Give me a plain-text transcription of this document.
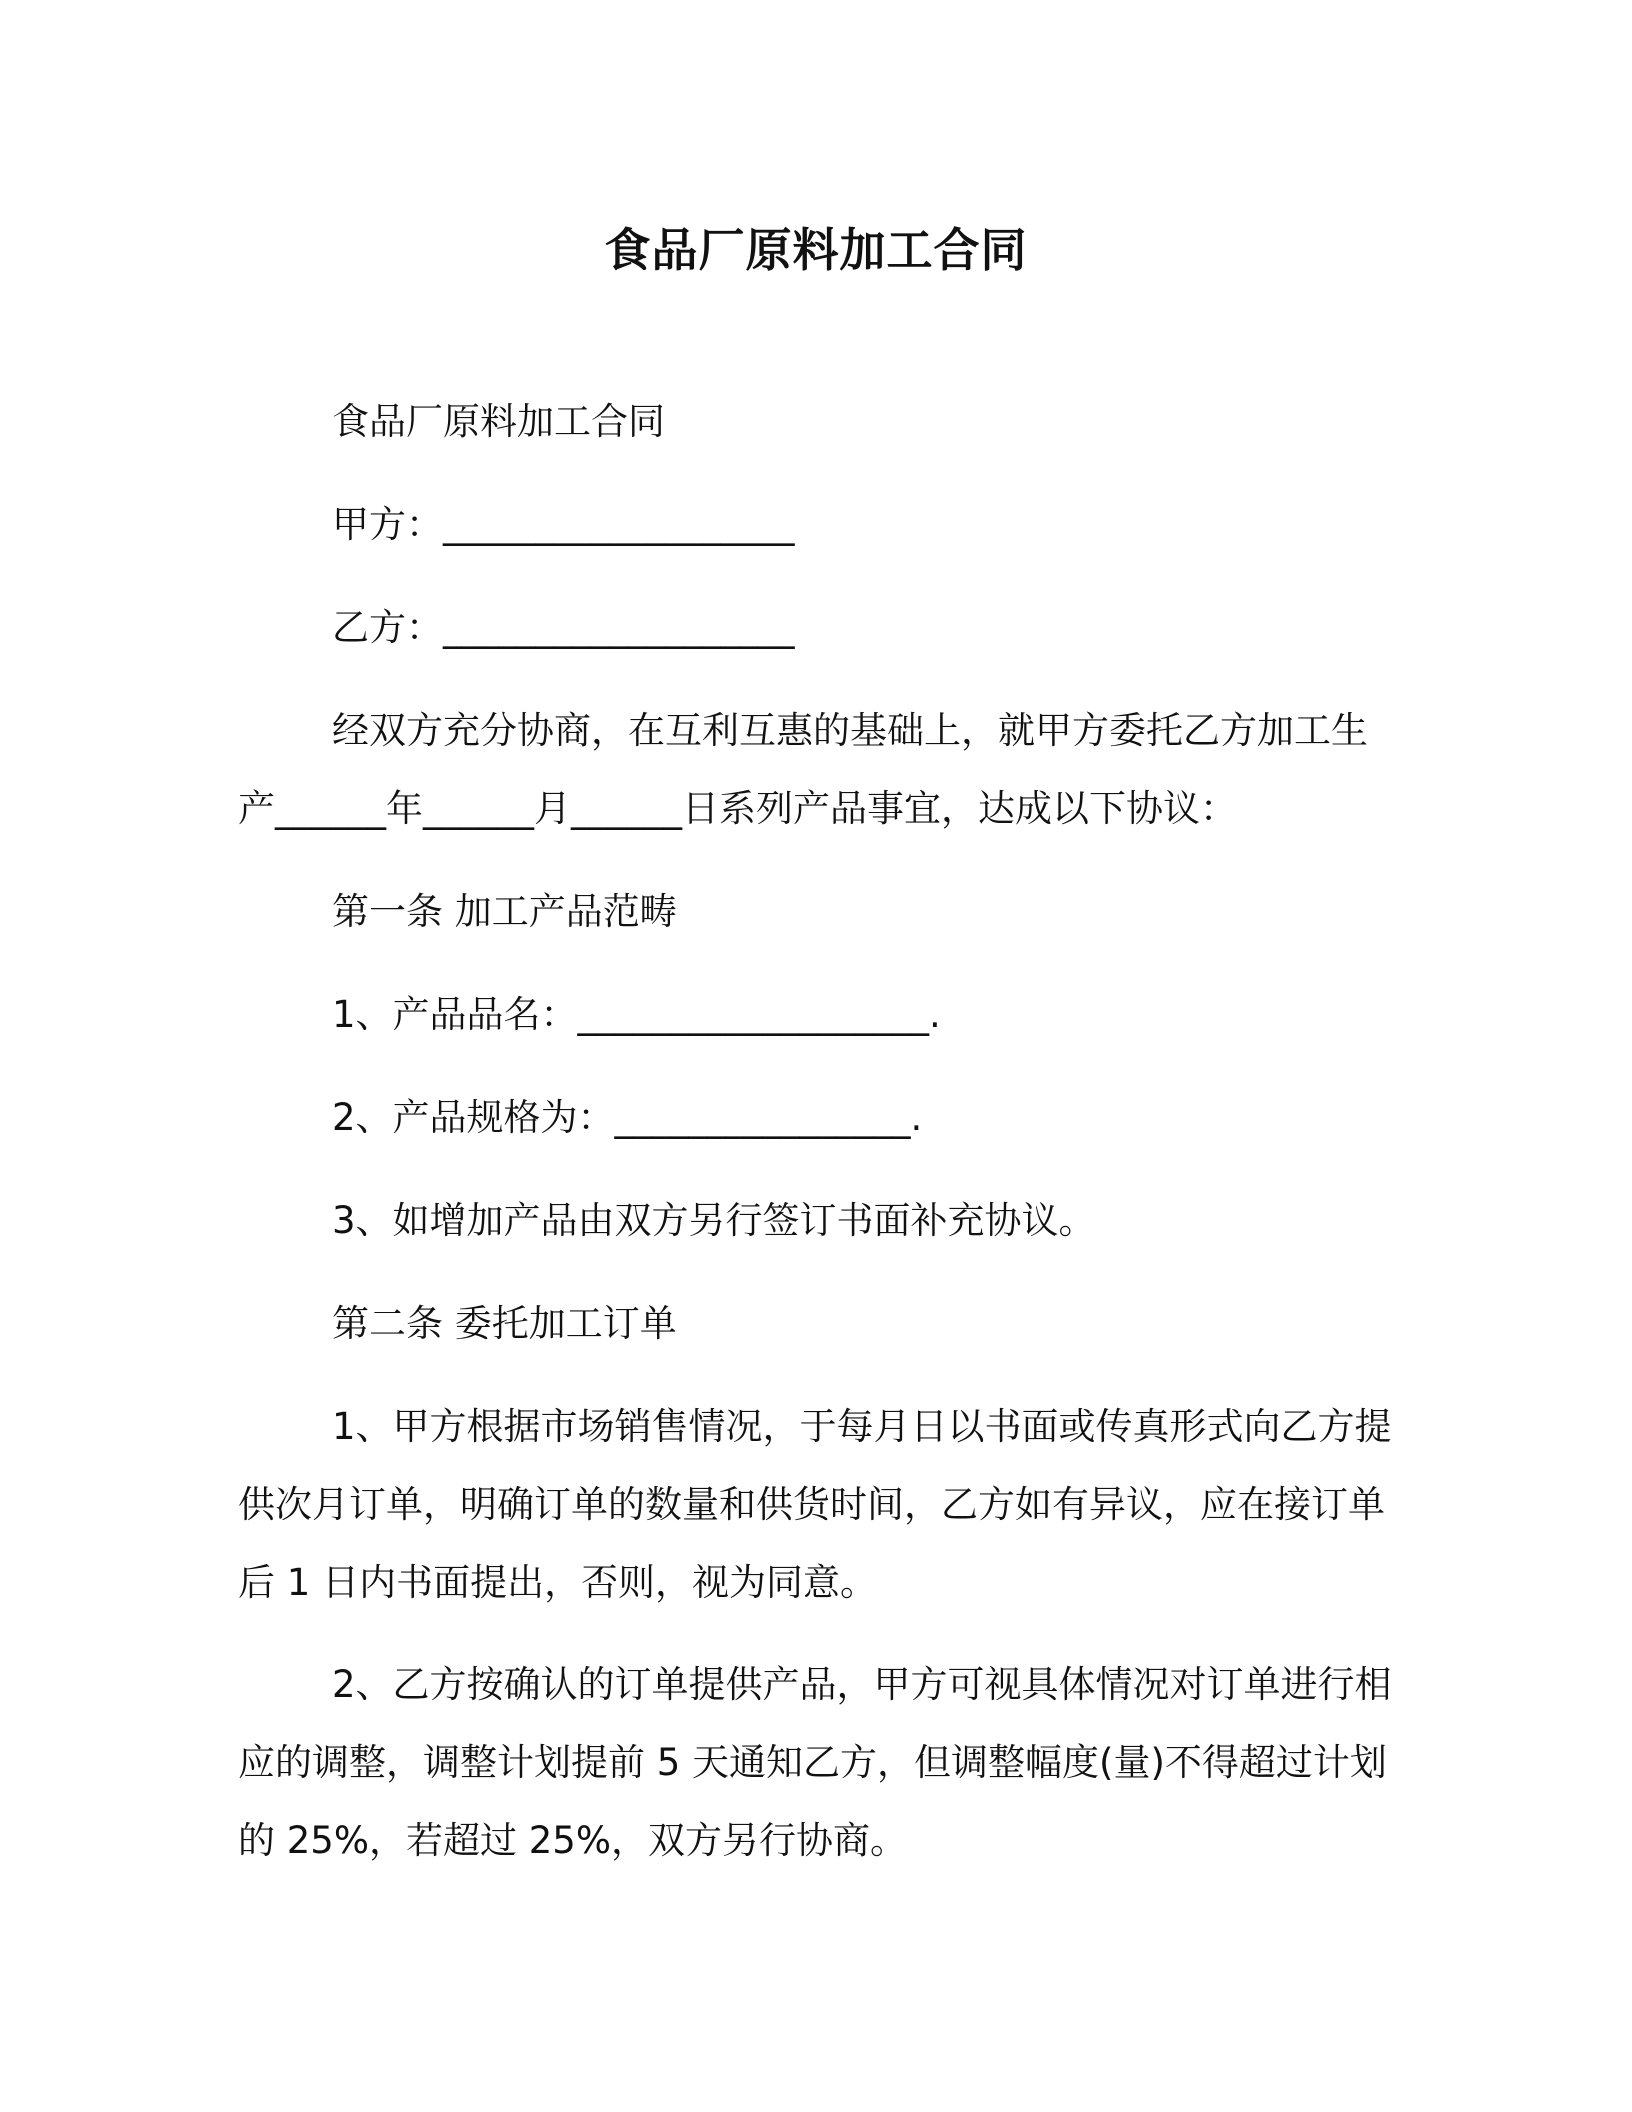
食品厂原料加工合同
食品厂原料加工合同
甲方：___________________
乙方：___________________
经双方充分协商，在互利互惠的基础上，就甲方委托乙方加工生
产______年______月______日系列产品事宜，达成以下协议：
第一条 加工产品范畴
1、产品品名：___________________.
2、产品规格为：________________.
3、如增加产品由双方另行签订书面补充协议。
第二条 委托加工订单
1、甲方根据市场销售情况，于每月日以书面或传真形式向乙方提供次月订单，明确订单的数量和供货时间，乙方如有异议，应在接订单后 1 日内书面提出，否则，视为同意。
2、乙方按确认的订单提供产品，甲方可视具体情况对订单进行相应的调整，调整计划提前 5 天通知乙方，但调整幅度(量)不得超过计划的 25%，若超过 25%，双方另行协商。
